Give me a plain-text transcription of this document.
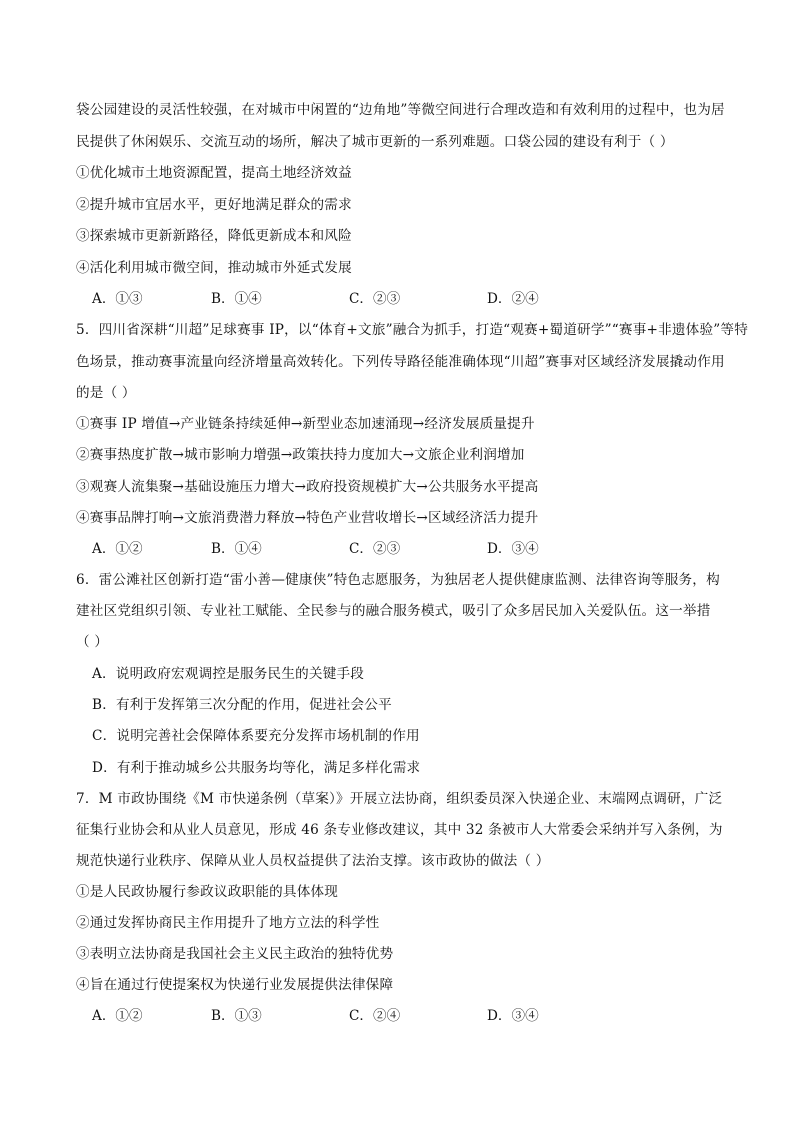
袋公园建设的灵活性较强，在对城市中闲置的“边角地”等微空间进行合理改造和有效利用的过程中，也为居
民提供了休闲娱乐、交流互动的场所，解决了城市更新的一系列难题。口袋公园的建设有利于（ ）
①优化城市土地资源配置，提高土地经济效益
②提升城市宜居水平，更好地满足群众的需求
③探索城市更新新路径，降低更新成本和风险
④活化利用城市微空间，推动城市外延式发展
A．①③	B．①④	C．②③	D．②④
5．四川省深耕“川超”足球赛事 IP，以“体育+文旅”融合为抓手，打造“观赛+蜀道研学”“赛事+非遗体验”等特
色场景，推动赛事流量向经济增量高效转化。下列传导路径能准确体现“川超”赛事对区域经济发展撬动作用
的是（ ）
①赛事 IP 增值→产业链条持续延伸→新型业态加速涌现→经济发展质量提升
②赛事热度扩散→城市影响力增强→政策扶持力度加大→文旅企业利润增加
③观赛人流集聚→基础设施压力增大→政府投资规模扩大→公共服务水平提高
④赛事品牌打响→文旅消费潜力释放→特色产业营收增长→区域经济活力提升
A．①②	B．①④	C．②③	D．③④
6．雷公滩社区创新打造“雷小善—健康侠”特色志愿服务，为独居老人提供健康监测、法律咨询等服务，构
建社区党组织引领、专业社工赋能、全民参与的融合服务模式，吸引了众多居民加入关爱队伍。这一举措
（ ）
A．说明政府宏观调控是服务民生的关键手段
B．有利于发挥第三次分配的作用，促进社会公平
C．说明完善社会保障体系要充分发挥市场机制的作用
D．有利于推动城乡公共服务均等化，满足多样化需求
7．M 市政协围绕《M 市快递条例（草案）》开展立法协商，组织委员深入快递企业、末端网点调研，广泛
征集行业协会和从业人员意见，形成 46 条专业修改建议，其中 32 条被市人大常委会采纳并写入条例，为
规范快递行业秩序、保障从业人员权益提供了法治支撑。该市政协的做法（ ）
①是人民政协履行参政议政职能的具体体现
②通过发挥协商民主作用提升了地方立法的科学性
③表明立法协商是我国社会主义民主政治的独特优势
④旨在通过行使提案权为快递行业发展提供法律保障
A．①②	B．①③	C．②④	D．③④
